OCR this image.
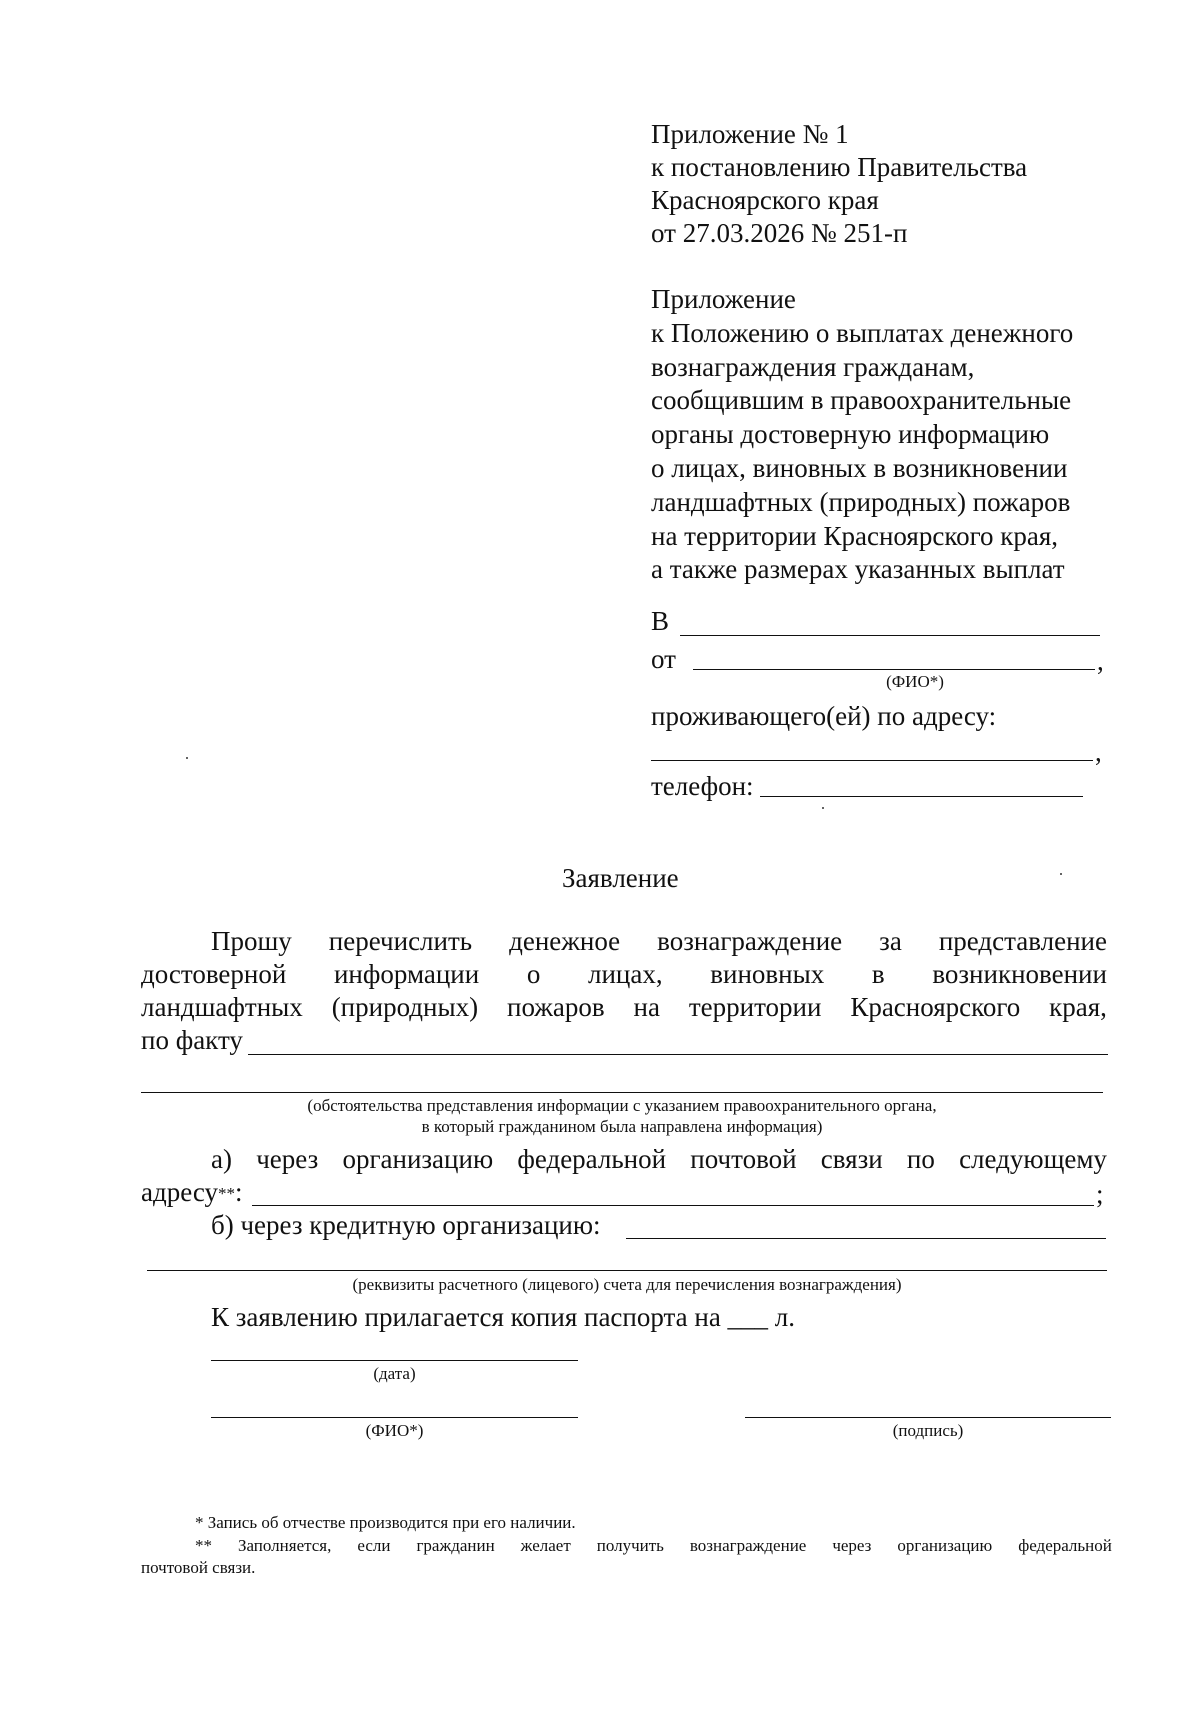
Приложение № 1
к постановлению Правительства
Красноярского края
от 27.03.2026 № 251-п
Приложение
к Положению о выплатах денежного
вознаграждения гражданам,
сообщившим в правоохранительные
органы достоверную информацию
о лицах, виновных в возникновении
ландшафтных (природных) пожаров
на территории Красноярского края,
а также размерах указанных выплат
В
от	,
(ФИО*)
проживающего(ей) по адресу:
,
телефон:
Заявление
Прошу перечислить денежное вознаграждение за представление
достоверной информации о лицах, виновных в возникновении
ландшафтных (природных) пожаров на территории Красноярского края,
по факту
(обстоятельства представления информации с указанием правоохранительного органа,
в который гражданином была направлена информация)
а) через организацию федеральной почтовой связи по следующему
адресу**:	;
б) через кредитную организацию:
(реквизиты расчетного (лицевого) счета для перечисления вознаграждения)
К заявлению прилагается копия паспорта на ___ л.
(дата)
(ФИО*)	(подпись)
* Запись об отчестве производится при его наличии.
** Заполняется, если гражданин желает получить вознаграждение через организацию федеральной
почтовой связи.
